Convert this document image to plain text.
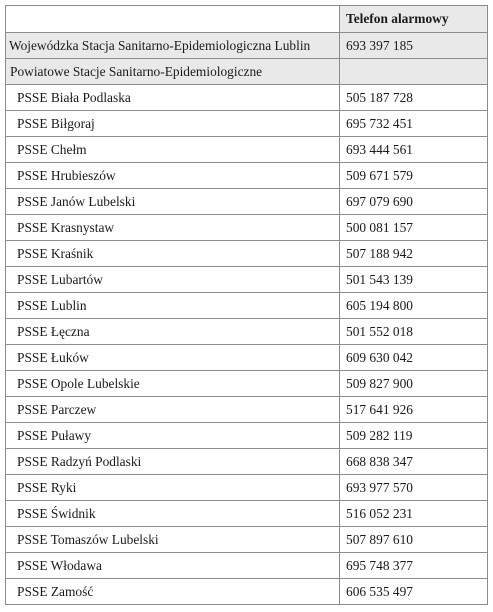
	Telefon alarmowy
Wojewódzka Stacja Sanitarno-Epidemiologiczna Lublin	693 397 185
Powiatowe Stacje Sanitarno-Epidemiologiczne	
PSSE Biała Podlaska	505 187 728
PSSE Biłgoraj	695 732 451
PSSE Chełm	693 444 561
PSSE Hrubieszów	509 671 579
PSSE Janów Lubelski	697 079 690
PSSE Krasnystaw	500 081 157
PSSE Kraśnik	507 188 942
PSSE Lubartów	501 543 139
PSSE Lublin	605 194 800
PSSE Łęczna	501 552 018
PSSE Łuków	609 630 042
PSSE Opole Lubelskie	509 827 900
PSSE Parczew	517 641 926
PSSE Puławy	509 282 119
PSSE Radzyń Podlaski	668 838 347
PSSE Ryki	693 977 570
PSSE Świdnik	516 052 231
PSSE Tomaszów Lubelski	507 897 610
PSSE Włodawa	695 748 377
PSSE Zamość	606 535 497
